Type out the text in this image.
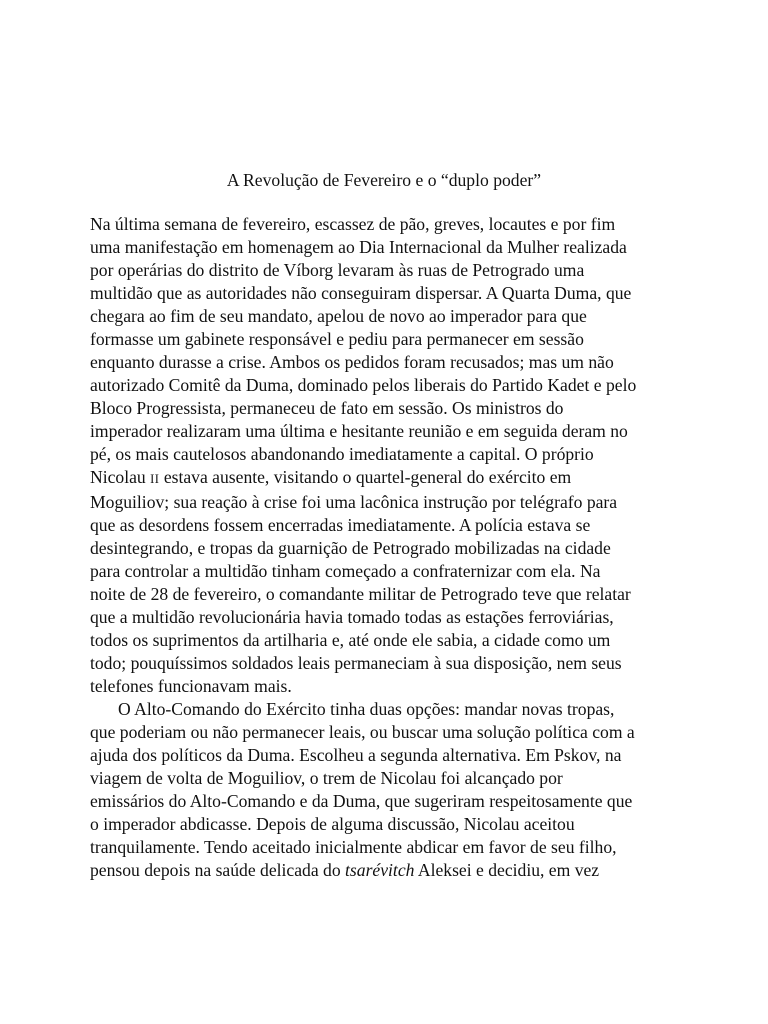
A Revolução de Fevereiro e o “duplo poder”

Na última semana de fevereiro, escassez de pão, greves, locautes e por fim
uma manifestação em homenagem ao Dia Internacional da Mulher realizada
por operárias do distrito de Víborg levaram às ruas de Petrogrado uma
multidão que as autoridades não conseguiram dispersar. A Quarta Duma, que
chegara ao fim de seu mandato, apelou de novo ao imperador para que
formasse um gabinete responsável e pediu para permanecer em sessão
enquanto durasse a crise. Ambos os pedidos foram recusados; mas um não
autorizado Comitê da Duma, dominado pelos liberais do Partido Kadet e pelo
Bloco Progressista, permaneceu de fato em sessão. Os ministros do
imperador realizaram uma última e hesitante reunião e em seguida deram no
pé, os mais cautelosos abandonando imediatamente a capital. O próprio
Nicolau II estava ausente, visitando o quartel-general do exército em
Moguiliov; sua reação à crise foi uma lacônica instrução por telégrafo para
que as desordens fossem encerradas imediatamente. A polícia estava se
desintegrando, e tropas da guarnição de Petrogrado mobilizadas na cidade
para controlar a multidão tinham começado a confraternizar com ela. Na
noite de 28 de fevereiro, o comandante militar de Petrogrado teve que relatar
que a multidão revolucionária havia tomado todas as estações ferroviárias,
todos os suprimentos da artilharia e, até onde ele sabia, a cidade como um
todo; pouquíssimos soldados leais permaneciam à sua disposição, nem seus
telefones funcionavam mais.

O Alto-Comando do Exército tinha duas opções: mandar novas tropas,
que poderiam ou não permanecer leais, ou buscar uma solução política com a
ajuda dos políticos da Duma. Escolheu a segunda alternativa. Em Pskov, na
viagem de volta de Moguiliov, o trem de Nicolau foi alcançado por
emissários do Alto-Comando e da Duma, que sugeriram respeitosamente que
o imperador abdicasse. Depois de alguma discussão, Nicolau aceitou
tranquilamente. Tendo aceitado inicialmente abdicar em favor de seu filho,
pensou depois na saúde delicada do tsarévitch Aleksei e decidiu, em vez
